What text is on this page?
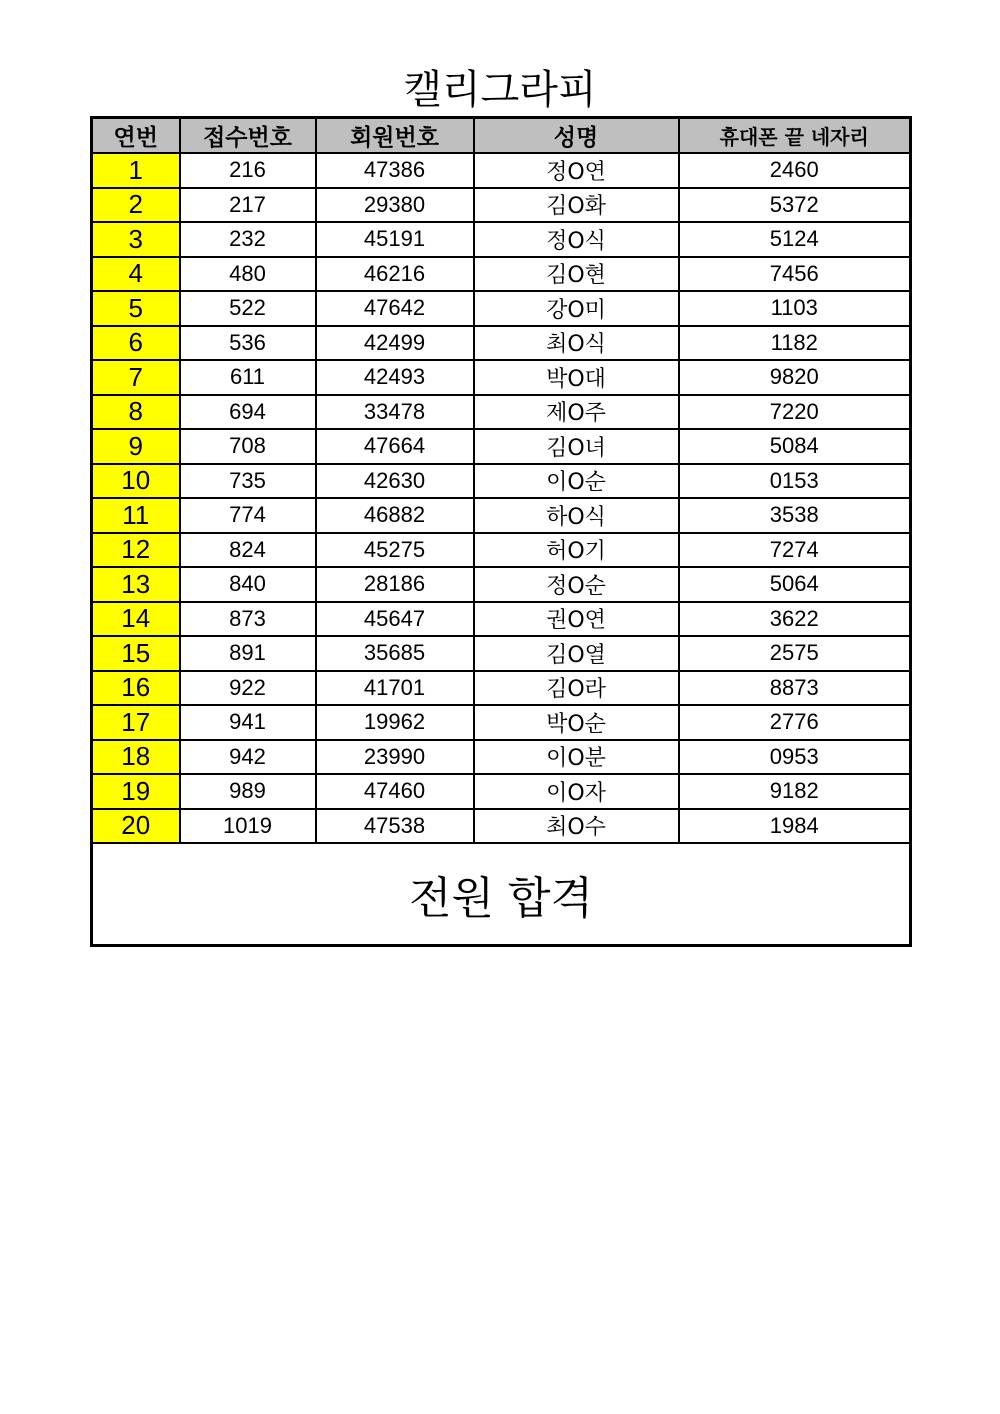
캘리그라피
연번	접수번호	회원번호	성명	휴대폰 끝 네자리
1	216	47386	정O연	2460
2	217	29380	김O화	5372
3	232	45191	정O식	5124
4	480	46216	김O현	7456
5	522	47642	강O미	1103
6	536	42499	최O식	1182
7	611	42493	박O대	9820
8	694	33478	제O주	7220
9	708	47664	김O녀	5084
10	735	42630	이O순	0153
11	774	46882	하O식	3538
12	824	45275	허O기	7274
13	840	28186	정O순	5064
14	873	45647	권O연	3622
15	891	35685	김O열	2575
16	922	41701	김O라	8873
17	941	19962	박O순	2776
18	942	23990	이O분	0953
19	989	47460	이O자	9182
20	1019	47538	최O수	1984
전원 합격				
